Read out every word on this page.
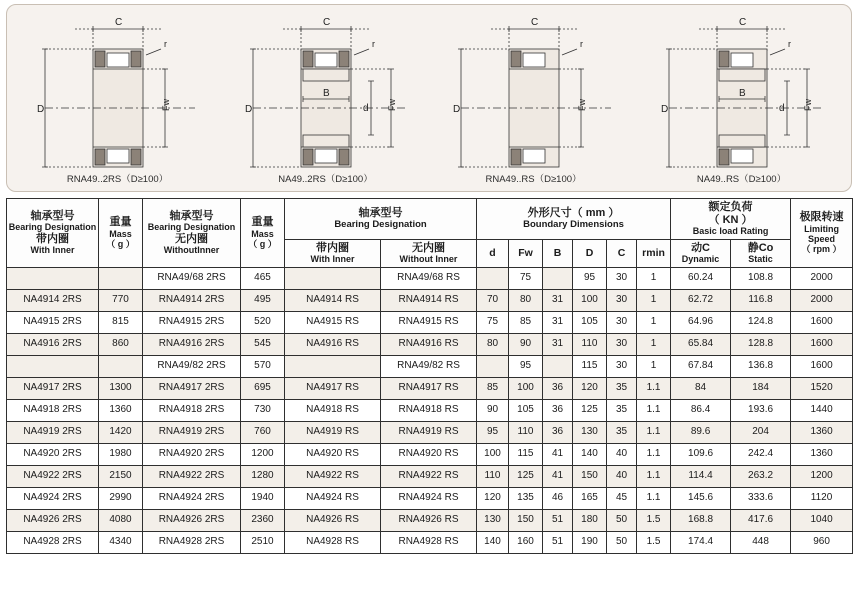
D
C
r
Fw
RNA49..2RS（D≥100）
D
C
B
r
d Fw
NA49..2RS（D≥100）
D
C
r
Fw
RNA49..RS（D≥100）
D
C
B
r
d Fw
NA49..RS（D≥100）
轴承型号
Bearing Designation
带内圈
With Inner	重量
Mass
（ g ）	轴承型号
Bearing Designation
无内圈
WithoutInner	重量
Mass
（ g ）	轴承型号
Bearing Designation		外形尺寸（ mm ）
Boundary Dimensions						额定负荷
（ KN ）
Basic load Rating		极限转速
Limiting Speed
（ rpm ）

				带内圈
With Inner	无内圈
Without Inner	d	Fw	B	D	C	rmin	动C
Dynamic	静Co
Static	

		RNA49/68 2RS	465		RNA49/68 RS		75		95	30	1	60.24	108.8	2000
NA4914 2RS	770	RNA4914 2RS	495	NA4914 RS	RNA4914 RS	70	80	31	100	30	1	62.72	116.8	2000
NA4915 2RS	815	RNA4915 2RS	520	NA4915 RS	RNA4915 RS	75	85	31	105	30	1	64.96	124.8	1600
NA4916 2RS	860	RNA4916 2RS	545	NA4916 RS	RNA4916 RS	80	90	31	110	30	1	65.84	128.8	1600
		RNA49/82 2RS	570		RNA49/82 RS		95		115	30	1	67.84	136.8	1600
NA4917 2RS	1300	RNA4917 2RS	695	NA4917 RS	RNA4917 RS	85	100	36	120	35	1.1	84	184	1520
NA4918 2RS	1360	RNA4918 2RS	730	NA4918 RS	RNA4918 RS	90	105	36	125	35	1.1	86.4	193.6	1440
NA4919 2RS	1420	RNA4919 2RS	760	NA4919 RS	RNA4919 RS	95	110	36	130	35	1.1	89.6	204	1360
NA4920 2RS	1980	RNA4920 2RS	1200	NA4920 RS	RNA4920 RS	100	115	41	140	40	1.1	109.6	242.4	1360
NA4922 2RS	2150	RNA4922 2RS	1280	NA4922 RS	RNA4922 RS	110	125	41	150	40	1.1	114.4	263.2	1200
NA4924 2RS	2990	RNA4924 2RS	1940	NA4924 RS	RNA4924 RS	120	135	46	165	45	1.1	145.6	333.6	1120
NA4926 2RS	4080	RNA4926 2RS	2360	NA4926 RS	RNA4926 RS	130	150	51	180	50	1.5	168.8	417.6	1040
NA4928 2RS	4340	RNA4928 2RS	2510	NA4928 RS	RNA4928 RS	140	160	51	190	50	1.5	174.4	448	960
